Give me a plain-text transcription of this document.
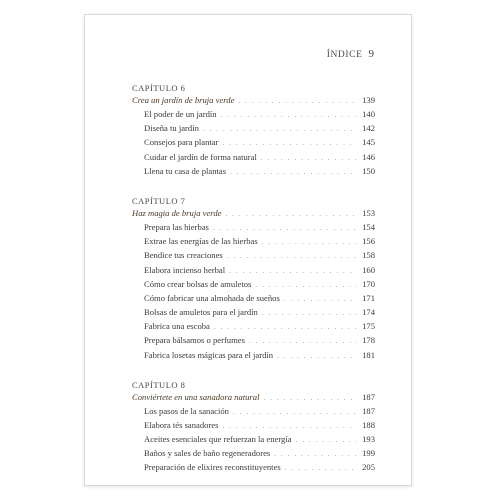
ÍNDICE 9
CAPÍTULO 6
Crea un jardín de bruja verde . . .	139
El poder de un jardín . . .	140
Diseña tu jardín . . .	142
Consejos para plantar . . .	145
Cuidar el jardín de forma natural . . .	146
Llena tu casa de plantas . . .	150
CAPÍTULO 7
Haz magia de bruja verde . . .	153
Prepara las hierbas . . .	154
Extrae las energías de las hierbas . . .	156
Bendice tus creaciones . . .	158
Elabora incienso herbal . . .	160
Cómo crear bolsas de amuletos . . .	170
Cómo fabricar una almohada de sueños . . .	171
Bolsas de amuletos para el jardín . . .	174
Fabrica una escoba . . .	175
Prepara bálsamos o perfumes . . .	178
Fabrica losetas mágicas para el jardín . . .	181
CAPÍTULO 8
Conviértete en una sanadora natural . . .	187
Los pasos de la sanación . . .	187
Elabora tés sanadores . . .	188
Aceites esenciales que refuerzan la energía . . .	193
Baños y sales de baño regeneradores . . .	199
Preparación de elixires reconstituyentes . . .	205
